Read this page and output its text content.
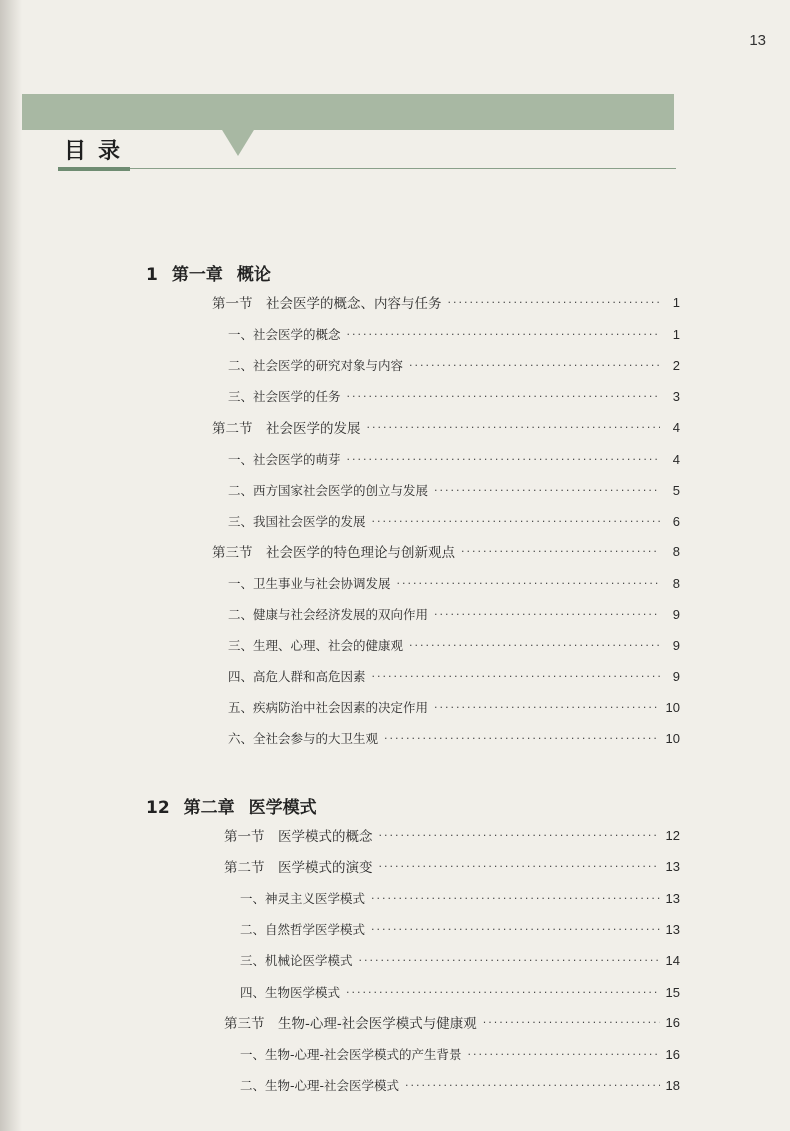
13
目录
1 第一章 概论
第一节  社会医学的概念、内容与任务 ·····	1
一、社会医学的概念 ·····	1
二、社会医学的研究对象与内容 ·····	2
三、社会医学的任务 ·····	3
第二节  社会医学的发展 ·····	4
一、社会医学的萌芽 ·····	4
二、西方国家社会医学的创立与发展 ·····	5
三、我国社会医学的发展 ·····	6
第三节  社会医学的特色理论与创新观点 ·····	8
一、卫生事业与社会协调发展 ·····	8
二、健康与社会经济发展的双向作用 ·····	9
三、生理、心理、社会的健康观 ·····	9
四、高危人群和高危因素 ·····	9
五、疾病防治中社会因素的决定作用 ·····	10
六、全社会参与的大卫生观 ·····	10
12 第二章 医学模式
第一节  医学模式的概念 ·····	12
第二节  医学模式的演变 ·····	13
一、神灵主义医学模式 ·····	13
二、自然哲学医学模式 ·····	13
三、机械论医学模式 ·····	14
四、生物医学模式 ·····	15
第三节  生物-心理-社会医学模式与健康观 ·····	16
一、生物-心理-社会医学模式的产生背景 ·····	16
二、生物-心理-社会医学模式 ·····	18
